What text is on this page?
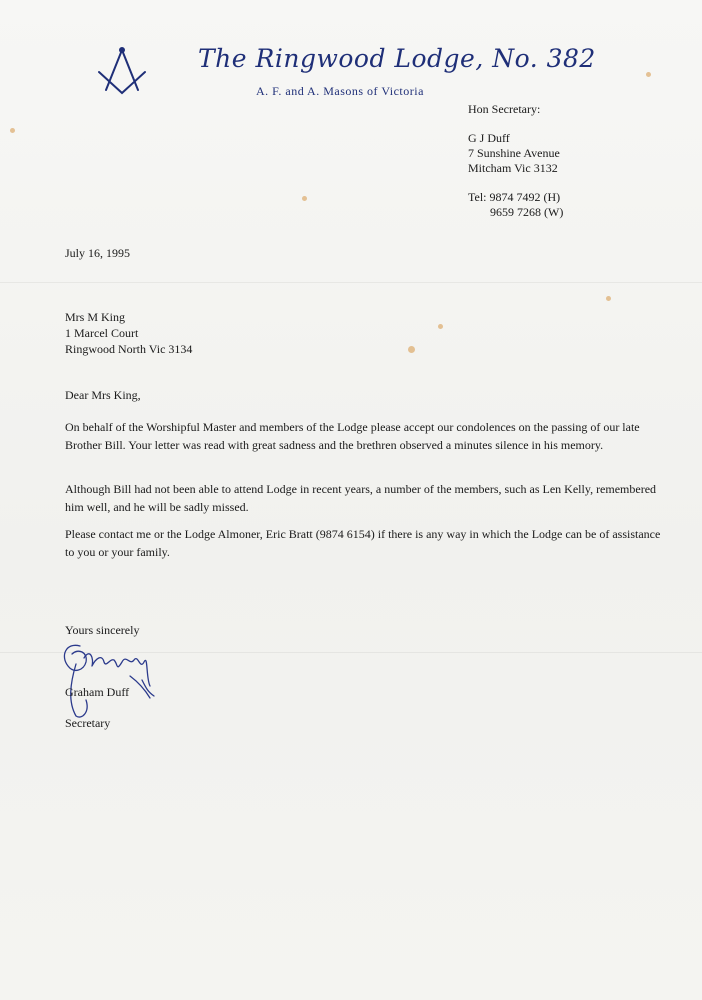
The Ringwood Lodge, No. 382
A. F. and A. Masons of Victoria
Hon Secretary:
G J Duff
7 Sunshine Avenue
Mitcham Vic 3132
Tel: 9874 7492 (H)
9659 7268 (W)
July 16, 1995
Mrs M King
1 Marcel Court
Ringwood North Vic 3134
Dear Mrs King,
On behalf of the Worshipful Master and members of the Lodge please accept our condolences on the passing of our late Brother Bill. Your letter was read with great sadness and the brethren observed a minutes silence in his memory.
Although Bill had not been able to attend Lodge in recent years, a number of the members, such as Len Kelly, remembered him well, and he will be sadly missed.
Please contact me or the Lodge Almoner, Eric Bratt (9874 6154) if there is any way in which the Lodge can be of assistance to you or your family.
Yours sincerely
Graham Duff
Secretary
